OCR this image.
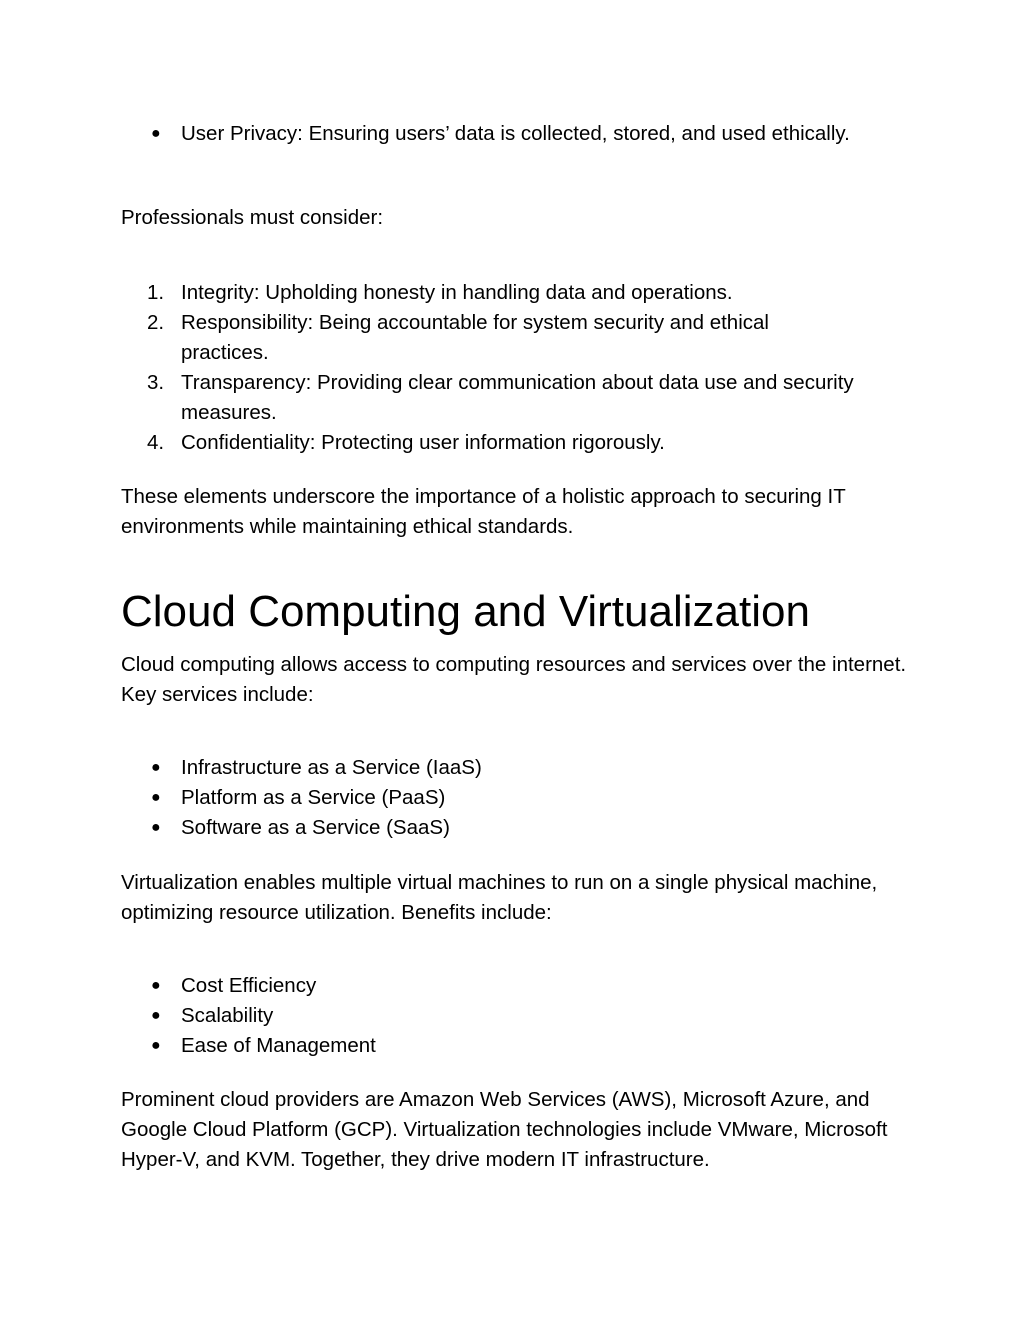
● User Privacy: Ensuring users’ data is collected, stored, and used ethically.

Professionals must consider:

1. Integrity: Upholding honesty in handling data and operations.
2. Responsibility: Being accountable for system security and ethical practices.
3. Transparency: Providing clear communication about data use and security measures.
4. Confidentiality: Protecting user information rigorously.

These elements underscore the importance of a holistic approach to securing IT environments while maintaining ethical standards.

Cloud Computing and Virtualization

Cloud computing allows access to computing resources and services over the internet. Key services include:

● Infrastructure as a Service (IaaS)
● Platform as a Service (PaaS)
● Software as a Service (SaaS)

Virtualization enables multiple virtual machines to run on a single physical machine, optimizing resource utilization. Benefits include:

● Cost Efficiency
● Scalability
● Ease of Management

Prominent cloud providers are Amazon Web Services (AWS), Microsoft Azure, and Google Cloud Platform (GCP). Virtualization technologies include VMware, Microsoft Hyper-V, and KVM. Together, they drive modern IT infrastructure.
